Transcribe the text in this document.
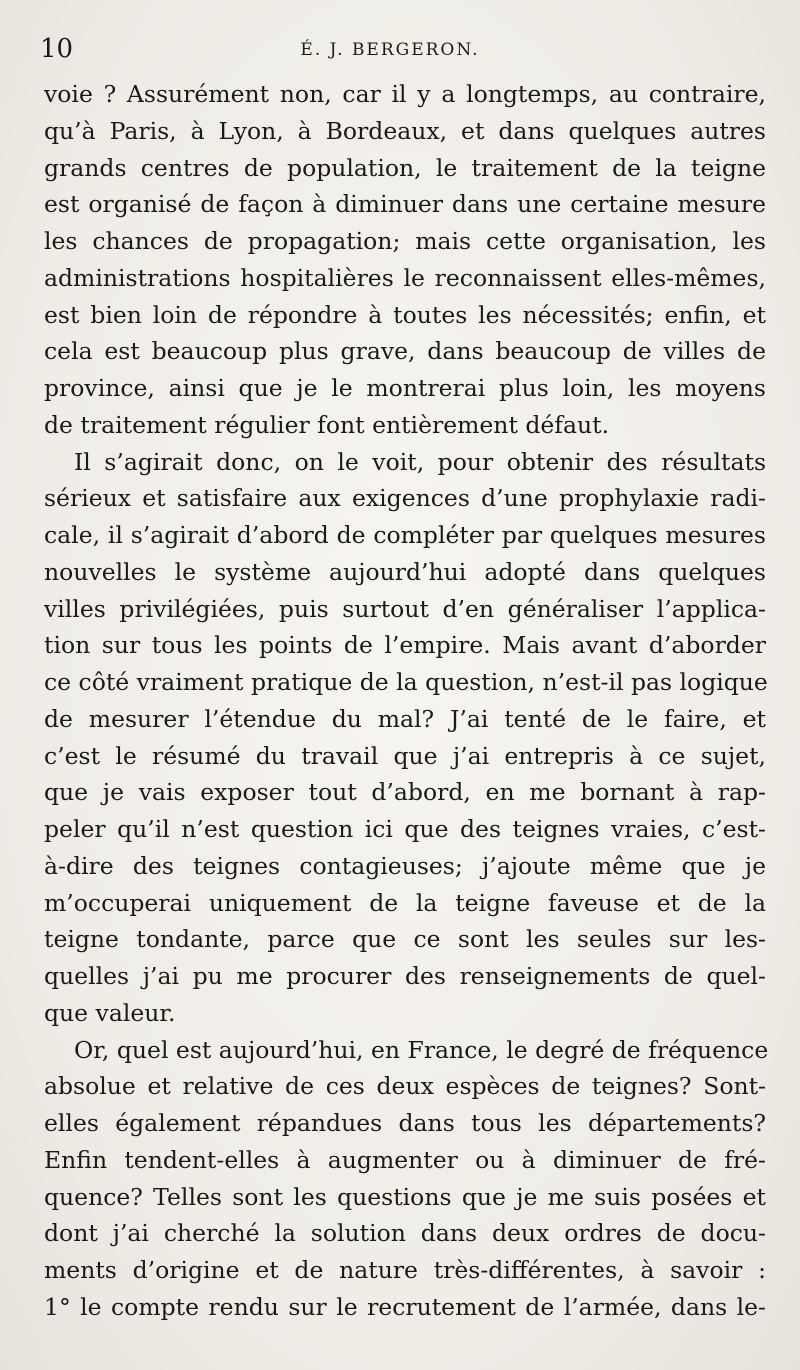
10	É. J. BERGERON.
voie ? Assurément non, car il y a longtemps, au contraire,
qu’à Paris, à Lyon, à Bordeaux, et dans quelques autres
grands centres de population, le traitement de la teigne
est organisé de façon à diminuer dans une certaine mesure
les chances de propagation; mais cette organisation, les
administrations hospitalières le reconnaissent elles-mêmes,
est bien loin de répondre à toutes les nécessités; enfin, et
cela est beaucoup plus grave, dans beaucoup de villes de
province, ainsi que je le montrerai plus loin, les moyens
de traitement régulier font entièrement défaut.
Il s’agirait donc, on le voit, pour obtenir des résultats
sérieux et satisfaire aux exigences d’une prophylaxie radi-
cale, il s’agirait d’abord de compléter par quelques mesures
nouvelles le système aujourd’hui adopté dans quelques
villes privilégiées, puis surtout d’en généraliser l’applica-
tion sur tous les points de l’empire. Mais avant d’aborder
ce côté vraiment pratique de la question, n’est-il pas logique
de mesurer l’étendue du mal? J’ai tenté de le faire, et
c’est le résumé du travail que j’ai entrepris à ce sujet,
que je vais exposer tout d’abord, en me bornant à rap-
peler qu’il n’est question ici que des teignes vraies, c’est-
à-dire des teignes contagieuses; j’ajoute même que je
m’occuperai uniquement de la teigne faveuse et de la
teigne tondante, parce que ce sont les seules sur les-
quelles j’ai pu me procurer des renseignements de quel-
que valeur.
Or, quel est aujourd’hui, en France, le degré de fréquence
absolue et relative de ces deux espèces de teignes? Sont-
elles également répandues dans tous les départements?
Enfin tendent-elles à augmenter ou à diminuer de fré-
quence? Telles sont les questions que je me suis posées et
dont j’ai cherché la solution dans deux ordres de docu-
ments d’origine et de nature très-différentes, à savoir :
1° le compte rendu sur le recrutement de l’armée, dans le-
